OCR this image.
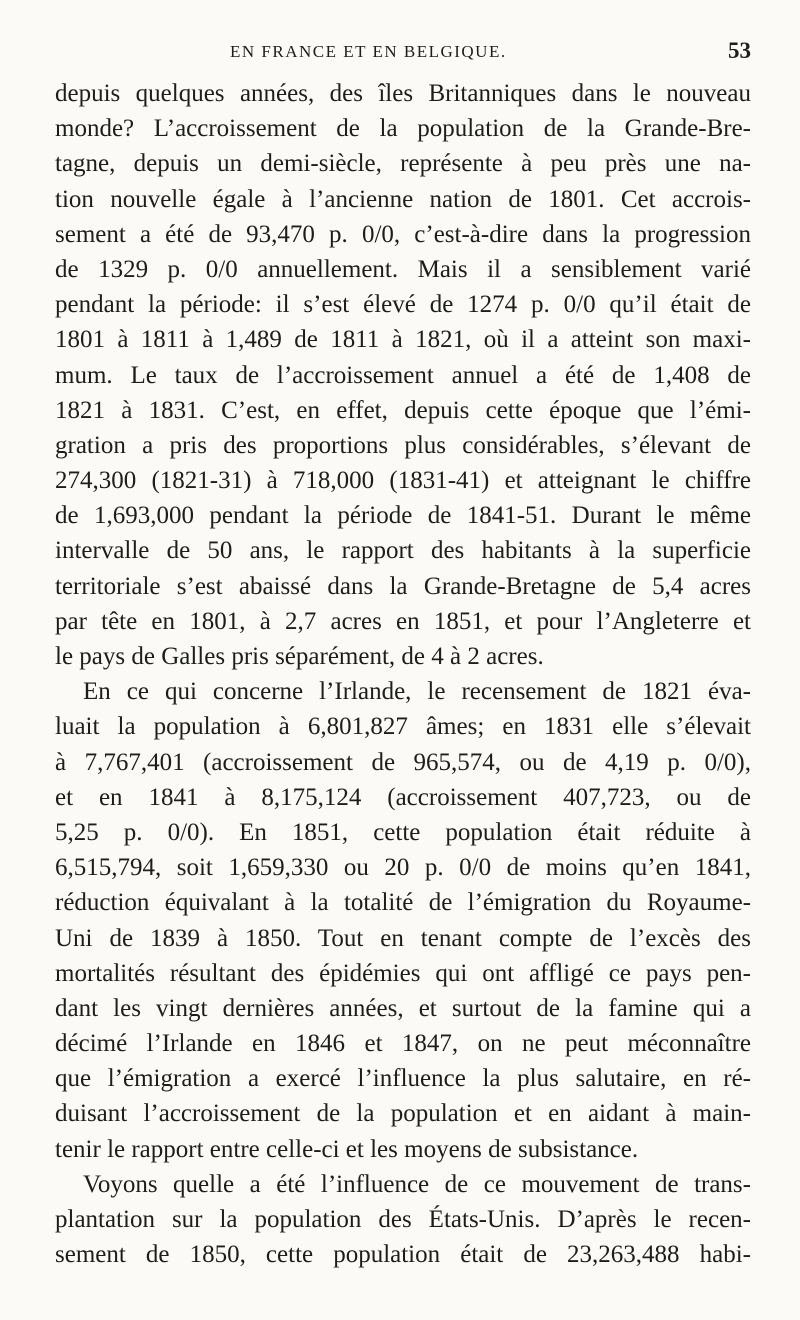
EN FRANCE ET EN BELGIQUE.	53

depuis quelques années, des îles Britanniques dans le nouveau
monde? L’accroissement de la population de la Grande-Bre-
tagne, depuis un demi-siècle, représente à peu près une na-
tion nouvelle égale à l’ancienne nation de 1801. Cet accrois-
sement a été de 93,470 p. 0/0, c’est-à-dire dans la progression
de 1329 p. 0/0 annuellement. Mais il a sensiblement varié
pendant la période: il s’est élevé de 1274 p. 0/0 qu’il était de
1801 à 1811 à 1,489 de 1811 à 1821, où il a atteint son maxi-
mum. Le taux de l’accroissement annuel a été de 1,408 de
1821 à 1831. C’est, en effet, depuis cette époque que l’émi-
gration a pris des proportions plus considérables, s’élevant de
274,300 (1821-31) à 718,000 (1831-41) et atteignant le chiffre
de 1,693,000 pendant la période de 1841-51. Durant le même
intervalle de 50 ans, le rapport des habitants à la superficie
territoriale s’est abaissé dans la Grande-Bretagne de 5,4 acres
par tête en 1801, à 2,7 acres en 1851, et pour l’Angleterre et
le pays de Galles pris séparément, de 4 à 2 acres.

En ce qui concerne l’Irlande, le recensement de 1821 éva-
luait la population à 6,801,827 âmes; en 1831 elle s’élevait
à 7,767,401 (accroissement de 965,574, ou de 4,19 p. 0/0),
et en 1841 à 8,175,124 (accroissement 407,723, ou de
5,25 p. 0/0). En 1851, cette population était réduite à
6,515,794, soit 1,659,330 ou 20 p. 0/0 de moins qu’en 1841,
réduction équivalant à la totalité de l’émigration du Royaume-
Uni de 1839 à 1850. Tout en tenant compte de l’excès des
mortalités résultant des épidémies qui ont affligé ce pays pen-
dant les vingt dernières années, et surtout de la famine qui a
décimé l’Irlande en 1846 et 1847, on ne peut méconnaître
que l’émigration a exercé l’influence la plus salutaire, en ré-
duisant l’accroissement de la population et en aidant à main-
tenir le rapport entre celle-ci et les moyens de subsistance.

Voyons quelle a été l’influence de ce mouvement de trans-
plantation sur la population des États-Unis. D’après le recen-
sement de 1850, cette population était de 23,263,488 habi-
